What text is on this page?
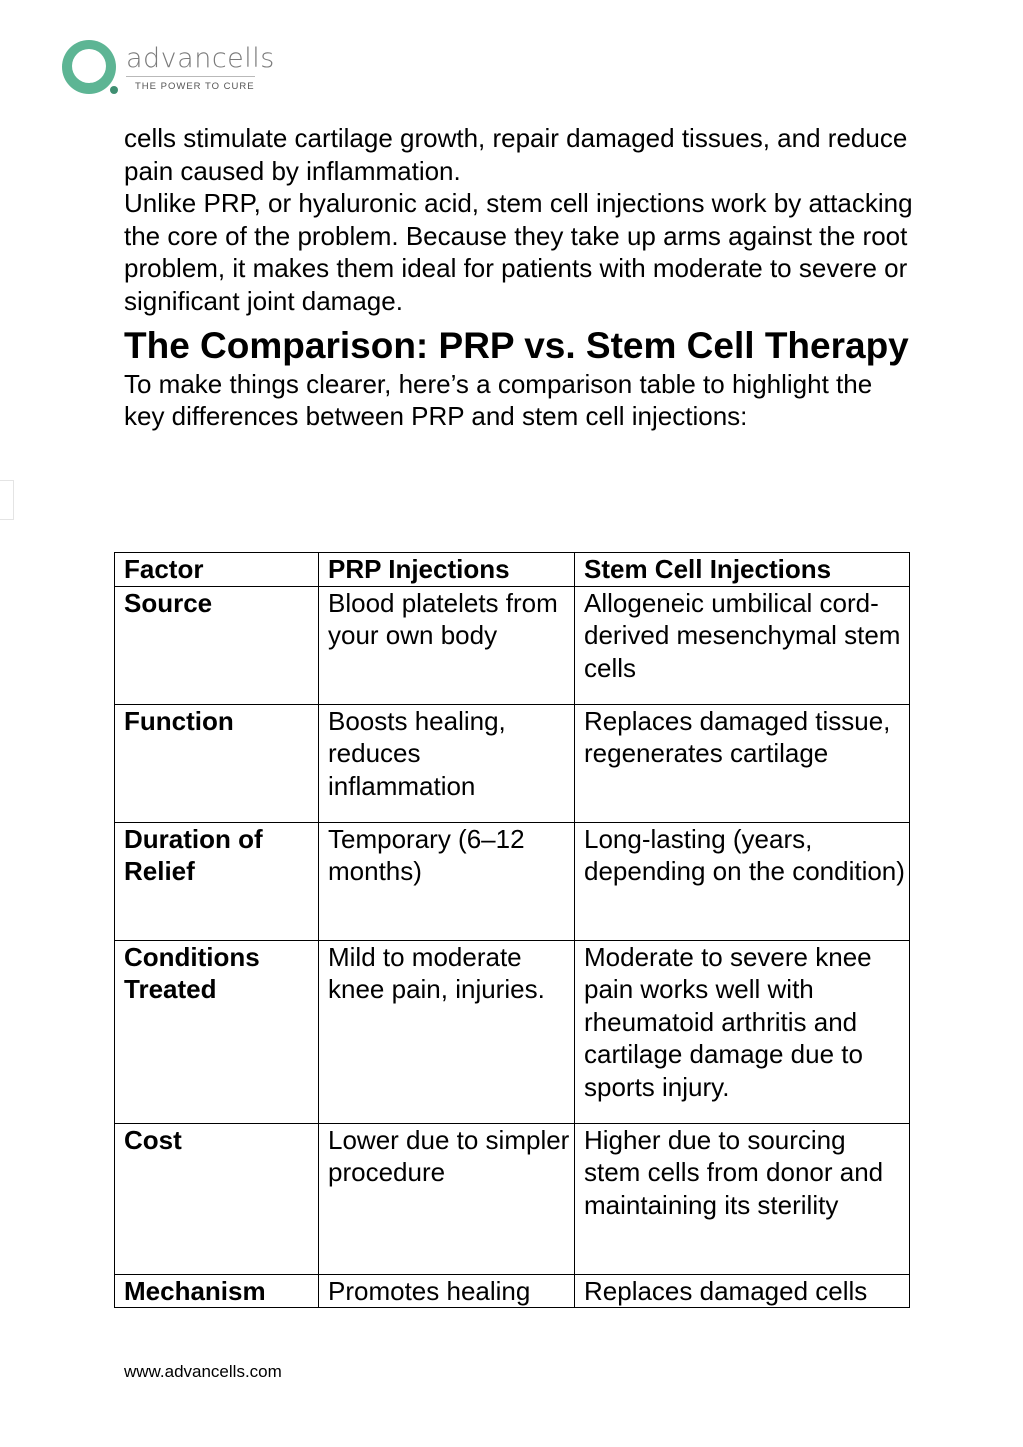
advancells
THE POWER TO CURE

cells stimulate cartilage growth, repair damaged tissues, and reduce pain caused by inflammation.

Unlike PRP, or hyaluronic acid, stem cell injections work by attacking the core of the problem. Because they take up arms against the root problem, it makes them ideal for patients with moderate to severe or significant joint damage.

The Comparison: PRP vs. Stem Cell Therapy

To make things clearer, here’s a comparison table to highlight the key differences between PRP and stem cell injections:

Factor	PRP Injections	Stem Cell Injections
Source	Blood platelets from your own body	Allogeneic umbilical cord-derived mesenchymal stem cells
Function	Boosts healing, reduces inflammation	Replaces damaged tissue, regenerates cartilage
Duration of Relief	Temporary (6–12 months)	Long-lasting (years, depending on the condition)
Conditions Treated	Mild to moderate knee pain, injuries.	Moderate to severe knee pain works well with rheumatoid arthritis and cartilage damage due to sports injury.
Cost	Lower due to simpler procedure	Higher due to sourcing stem cells from donor and maintaining its sterility
Mechanism	Promotes healing	Replaces damaged cells
www.advancells.com
